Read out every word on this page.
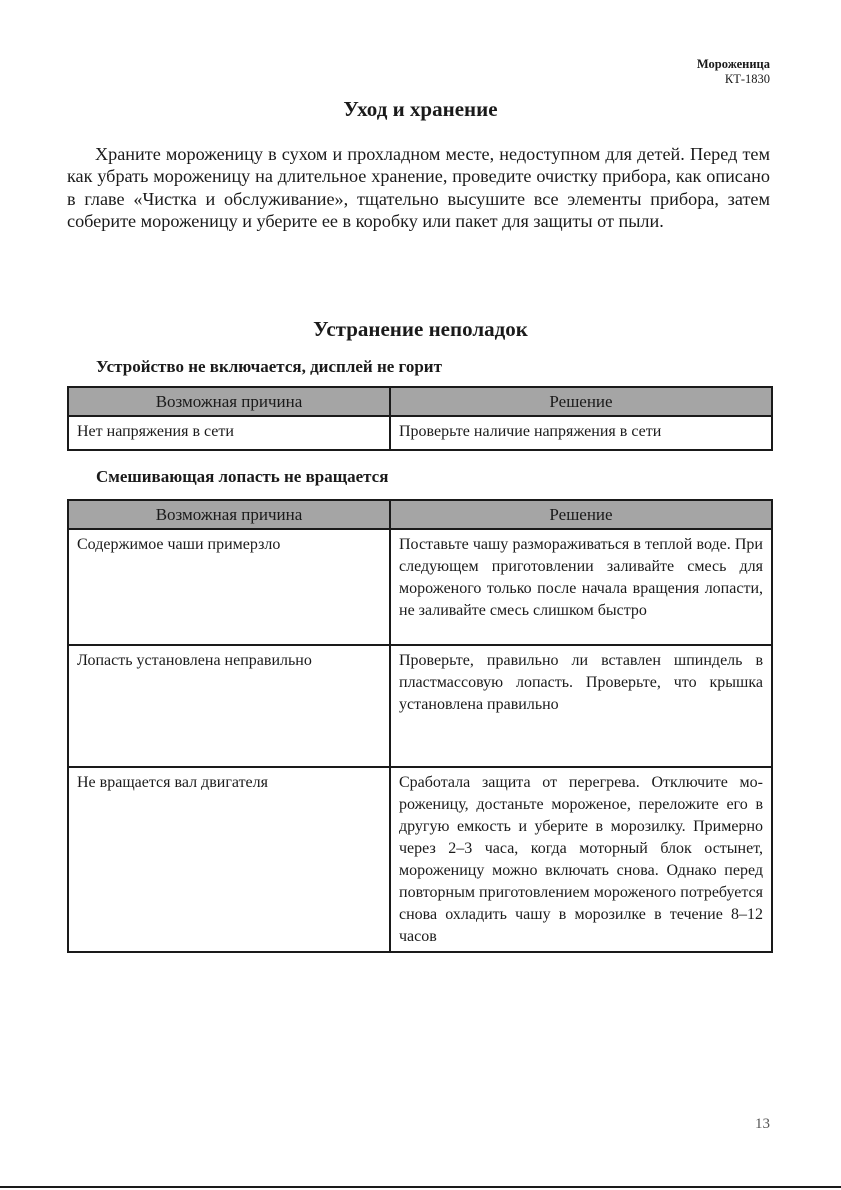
Мороженица
КТ-1830
Уход и хранение

Храните мороженицу в сухом и прохладном месте, недоступном для детей. Перед тем как убрать мороженицу на длительное хранение, проведите очистку прибора, как описано в главе «Чистка и обслуживание», тщательно высушите все элементы прибора, затем соберите мороженицу и уберите ее в коробку или пакет для защиты от пыли.

Устранение неполадок
Устройство не включается, дисплей не горит
Возможная причина	Решение
Нет напряжения в сети	Проверьте наличие напряжения в сети
Смешивающая лопасть не вращается
Возможная причина	Решение
Содержимое чаши примерзло	Поставьте чашу размораживаться в теплой воде. При следующем приготовлении заливайте смесь для мороженого только после начала вращения лопасти, не заливайте смесь слишком быстро
Лопасть установлена неправильно	Проверьте, правильно ли вставлен шпиндель в пластмассовую лопасть. Проверьте, что крышка установлена правильно
Не вращается вал двигателя	Сработала защита от перегрева. Отключите мороженицу, достаньте мороженое, переложите его в другую емкость и уберите в морозилку. Примерно через 2–3 часа, когда моторный блок остынет, мороженицу можно включать снова. Однако перед повторным приготовлением мороженого потребуется снова охладить чашу в морозилке в течение 8–12 часов
13
